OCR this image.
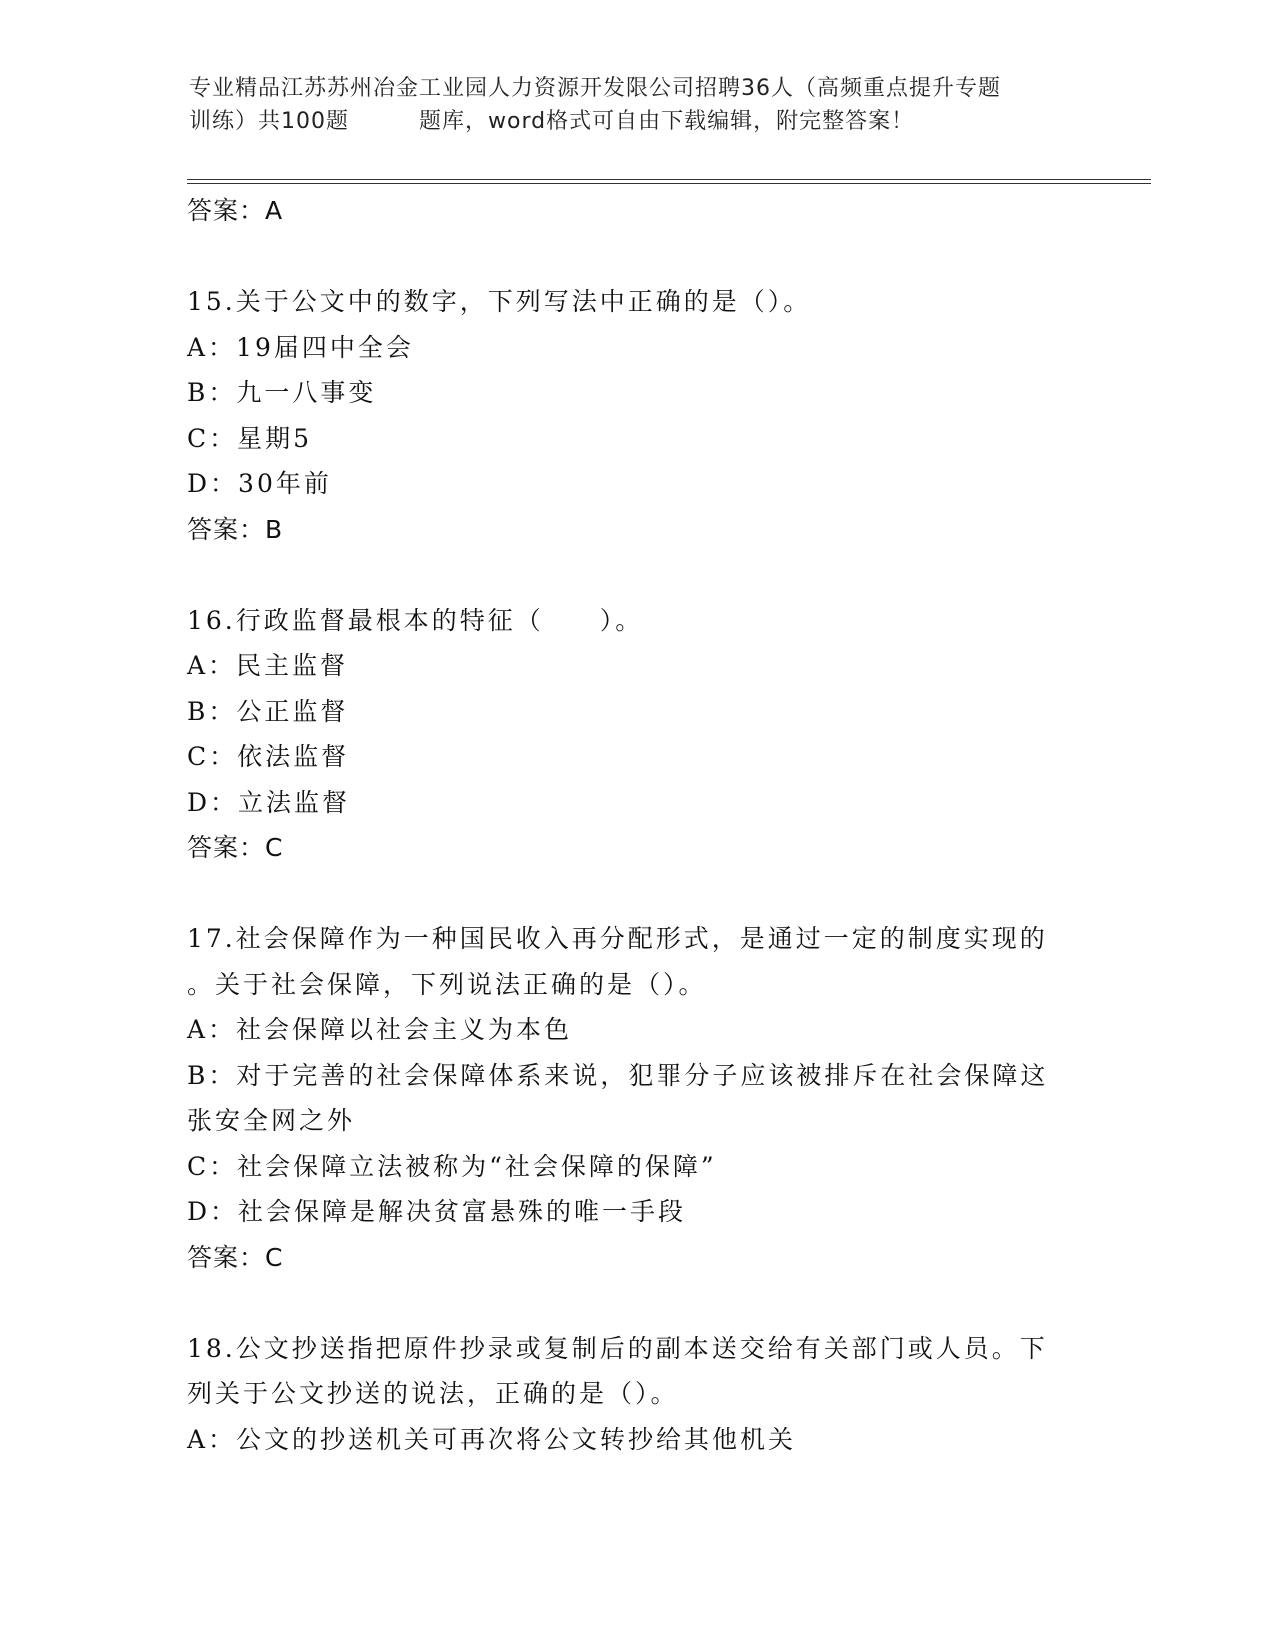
专业精品江苏苏州冶金工业园人力资源开发限公司招聘36人（高频重点提升专题
训练）共100题	题库，word格式可自由下载编辑，附完整答案！
答案：A
15.关于公文中的数字，下列写法中正确的是（）。
A：19届四中全会
B：九一八事变
C：星期5
D：30年前
答案：B
16.行政监督最根本的特征（　　）。
A：民主监督
B：公正监督
C：依法监督
D：立法监督
答案：C
17.社会保障作为一种国民收入再分配形式，是通过一定的制度实现的
。关于社会保障，下列说法正确的是（）。
A：社会保障以社会主义为本色
B：对于完善的社会保障体系来说，犯罪分子应该被排斥在社会保障这
张安全网之外
C：社会保障立法被称为“社会保障的保障”
D：社会保障是解决贫富悬殊的唯一手段
答案：C
18.公文抄送指把原件抄录或复制后的副本送交给有关部门或人员。下
列关于公文抄送的说法，正确的是（）。
A：公文的抄送机关可再次将公文转抄给其他机关
